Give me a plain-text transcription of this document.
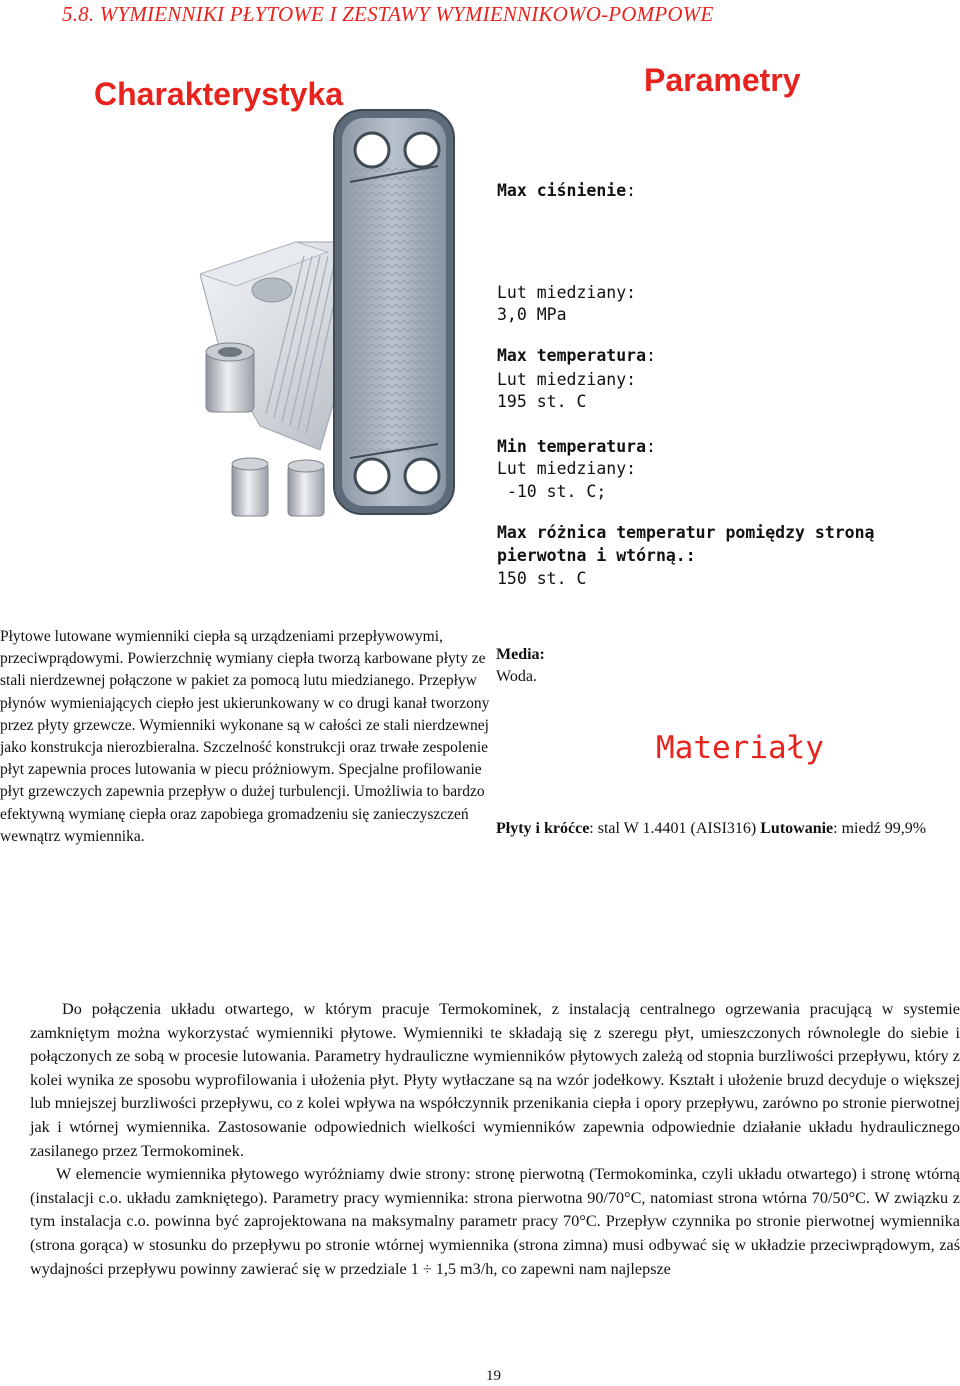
5.8. WYMIENNIKI PŁYTOWE I ZESTAWY WYMIENNIKOWO-POMPOWE
Charakterystyka	Parametry
Max ciśnienie:
Lut miedziany:
3,0 MPa
Max temperatura:
Lut miedziany:
195 st. C
Min temperatura:
Lut miedziany:
-10 st. C;
Max różnica temperatur pomiędzy stroną
pierwotna i wtórną.:
150 st. C

Płytowe lutowane wymienniki ciepła są urządzeniami przepływowymi, przeciwprądowymi. Powierzchnię wymiany ciepła tworzą karbowane płyty ze stali nierdzewnej połączone w pakiet za pomocą lutu miedzianego. Przepływ płynów wymieniających ciepło jest ukierunkowany w co drugi kanał tworzony przez płyty grzewcze. Wymienniki wykonane są w całości ze stali nierdzewnej jako konstrukcja nierozbieralna. Szczelność konstrukcji oraz trwałe zespolenie płyt zapewnia proces lutowania w piecu próżniowym. Specjalne profilowanie płyt grzewczych zapewnia przepływ o dużej turbulencji. Umożliwia to bardzo efektywną wymianę ciepła oraz zapobiega gromadzeniu się zanieczyszczeń wewnątrz wymiennika.

Media:
Woda.
Materiały
Płyty i króćce: stal W 1.4401 (AISI316) Lutowanie: miedź 99,9%

Do połączenia układu otwartego, w którym pracuje Termokominek, z instalacją centralnego ogrzewania pracującą w systemie zamkniętym można wykorzystać wymienniki płytowe. Wymienniki te składają się z szeregu płyt, umieszczonych równolegle do siebie i połączonych ze sobą w procesie lutowania. Parametry hydrauliczne wymienników płytowych zależą od stopnia burzliwości przepływu, który z kolei wynika ze sposobu wyprofilowania i ułożenia płyt. Płyty wytłaczane są na wzór jodełkowy. Kształt i ułożenie bruzd decyduje o większej lub mniejszej burzliwości przepływu, co z kolei wpływa na współczynnik przenikania ciepła i opory przepływu, zarówno po stronie pierwotnej jak i wtórnej wymiennika. Zastosowanie odpowiednich wielkości wymienników zapewnia odpowiednie działanie układu hydraulicznego zasilanego przez Termokominek.

W elemencie wymiennika płytowego wyróżniamy dwie strony: stronę pierwotną (Termokominka, czyli układu otwartego) i stronę wtórną (instalacji c.o. układu zamkniętego). Parametry pracy wymiennika: strona pierwotna 90/70°C, natomiast strona wtórna 70/50°C. W związku z tym instalacja c.o. powinna być zaprojektowana na maksymalny parametr pracy 70°C. Przepływ czynnika po stronie pierwotnej wymiennika (strona gorąca) w stosunku do przepływu po stronie wtórnej wymiennika (strona zimna) musi odbywać się w układzie przeciwprądowym, zaś wydajności przepływu powinny zawierać się w przedziale 1 ÷ 1,5 m3/h, co zapewni nam najlepsze

19
